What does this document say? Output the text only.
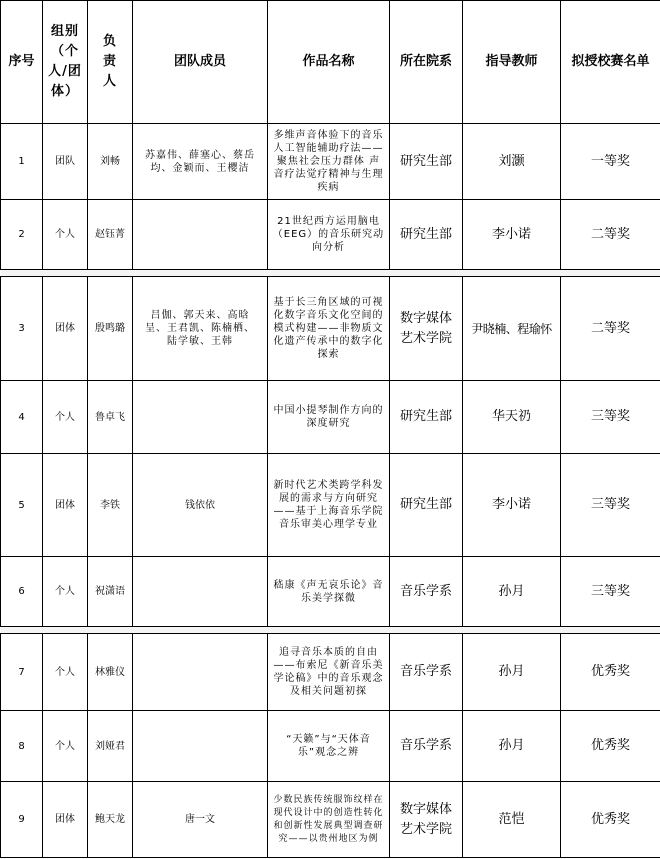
序号	组别（个人/团体）	负责人	团队成员	作品名称	所在院系	指导教师	拟授校赛名单
1	团队	刘畅	苏嘉伟、薛塞心、蔡岳均、金颖而、王樱洁	多维声音体验下的音乐人工智能辅助疗法——聚焦社会压力群体 声音疗法觉疗精神与生理疾病	研究生部	刘灏	一等奖
2	个人	赵钰菁		21世纪西方运用脑电（EEG）的音乐研究动向分析	研究生部	李小诺	二等奖

3	团体	殷鸣璐	吕伽、郭天来、高晗呈、王君凯、陈楠栖、陆学敏、王韩	基于长三角区域的可视化数字音乐文化空间的模式构建——非物质文化遗产传承中的数字化探索	数字媒体艺术学院	尹晓楠、程瑜怀	二等奖
4	个人	鲁卓飞		中国小提琴制作方向的深度研究	研究生部	华天礽	三等奖
5	团体	李铁	钱依依	新时代艺术类跨学科发展的需求与方向研究——基于上海音乐学院音乐审美心理学专业	研究生部	李小诺	三等奖
6	个人	祝潇语		嵇康《声无哀乐论》音乐美学探微	音乐学系	孙月	三等奖

7	个人	林雅仪		追寻音乐本质的自由——布索尼《新音乐美学论稿》中的音乐观念及相关问题初探	音乐学系	孙月	优秀奖
8	个人	刘娅君		“天籁”与“天体音乐”观念之辨	音乐学系	孙月	优秀奖
9	团体	鲍天龙	唐一文	少数民族传统服饰纹样在现代设计中的创造性转化和创新性发展典型调查研究——以贵州地区为例	数字媒体艺术学院	范恺	优秀奖
